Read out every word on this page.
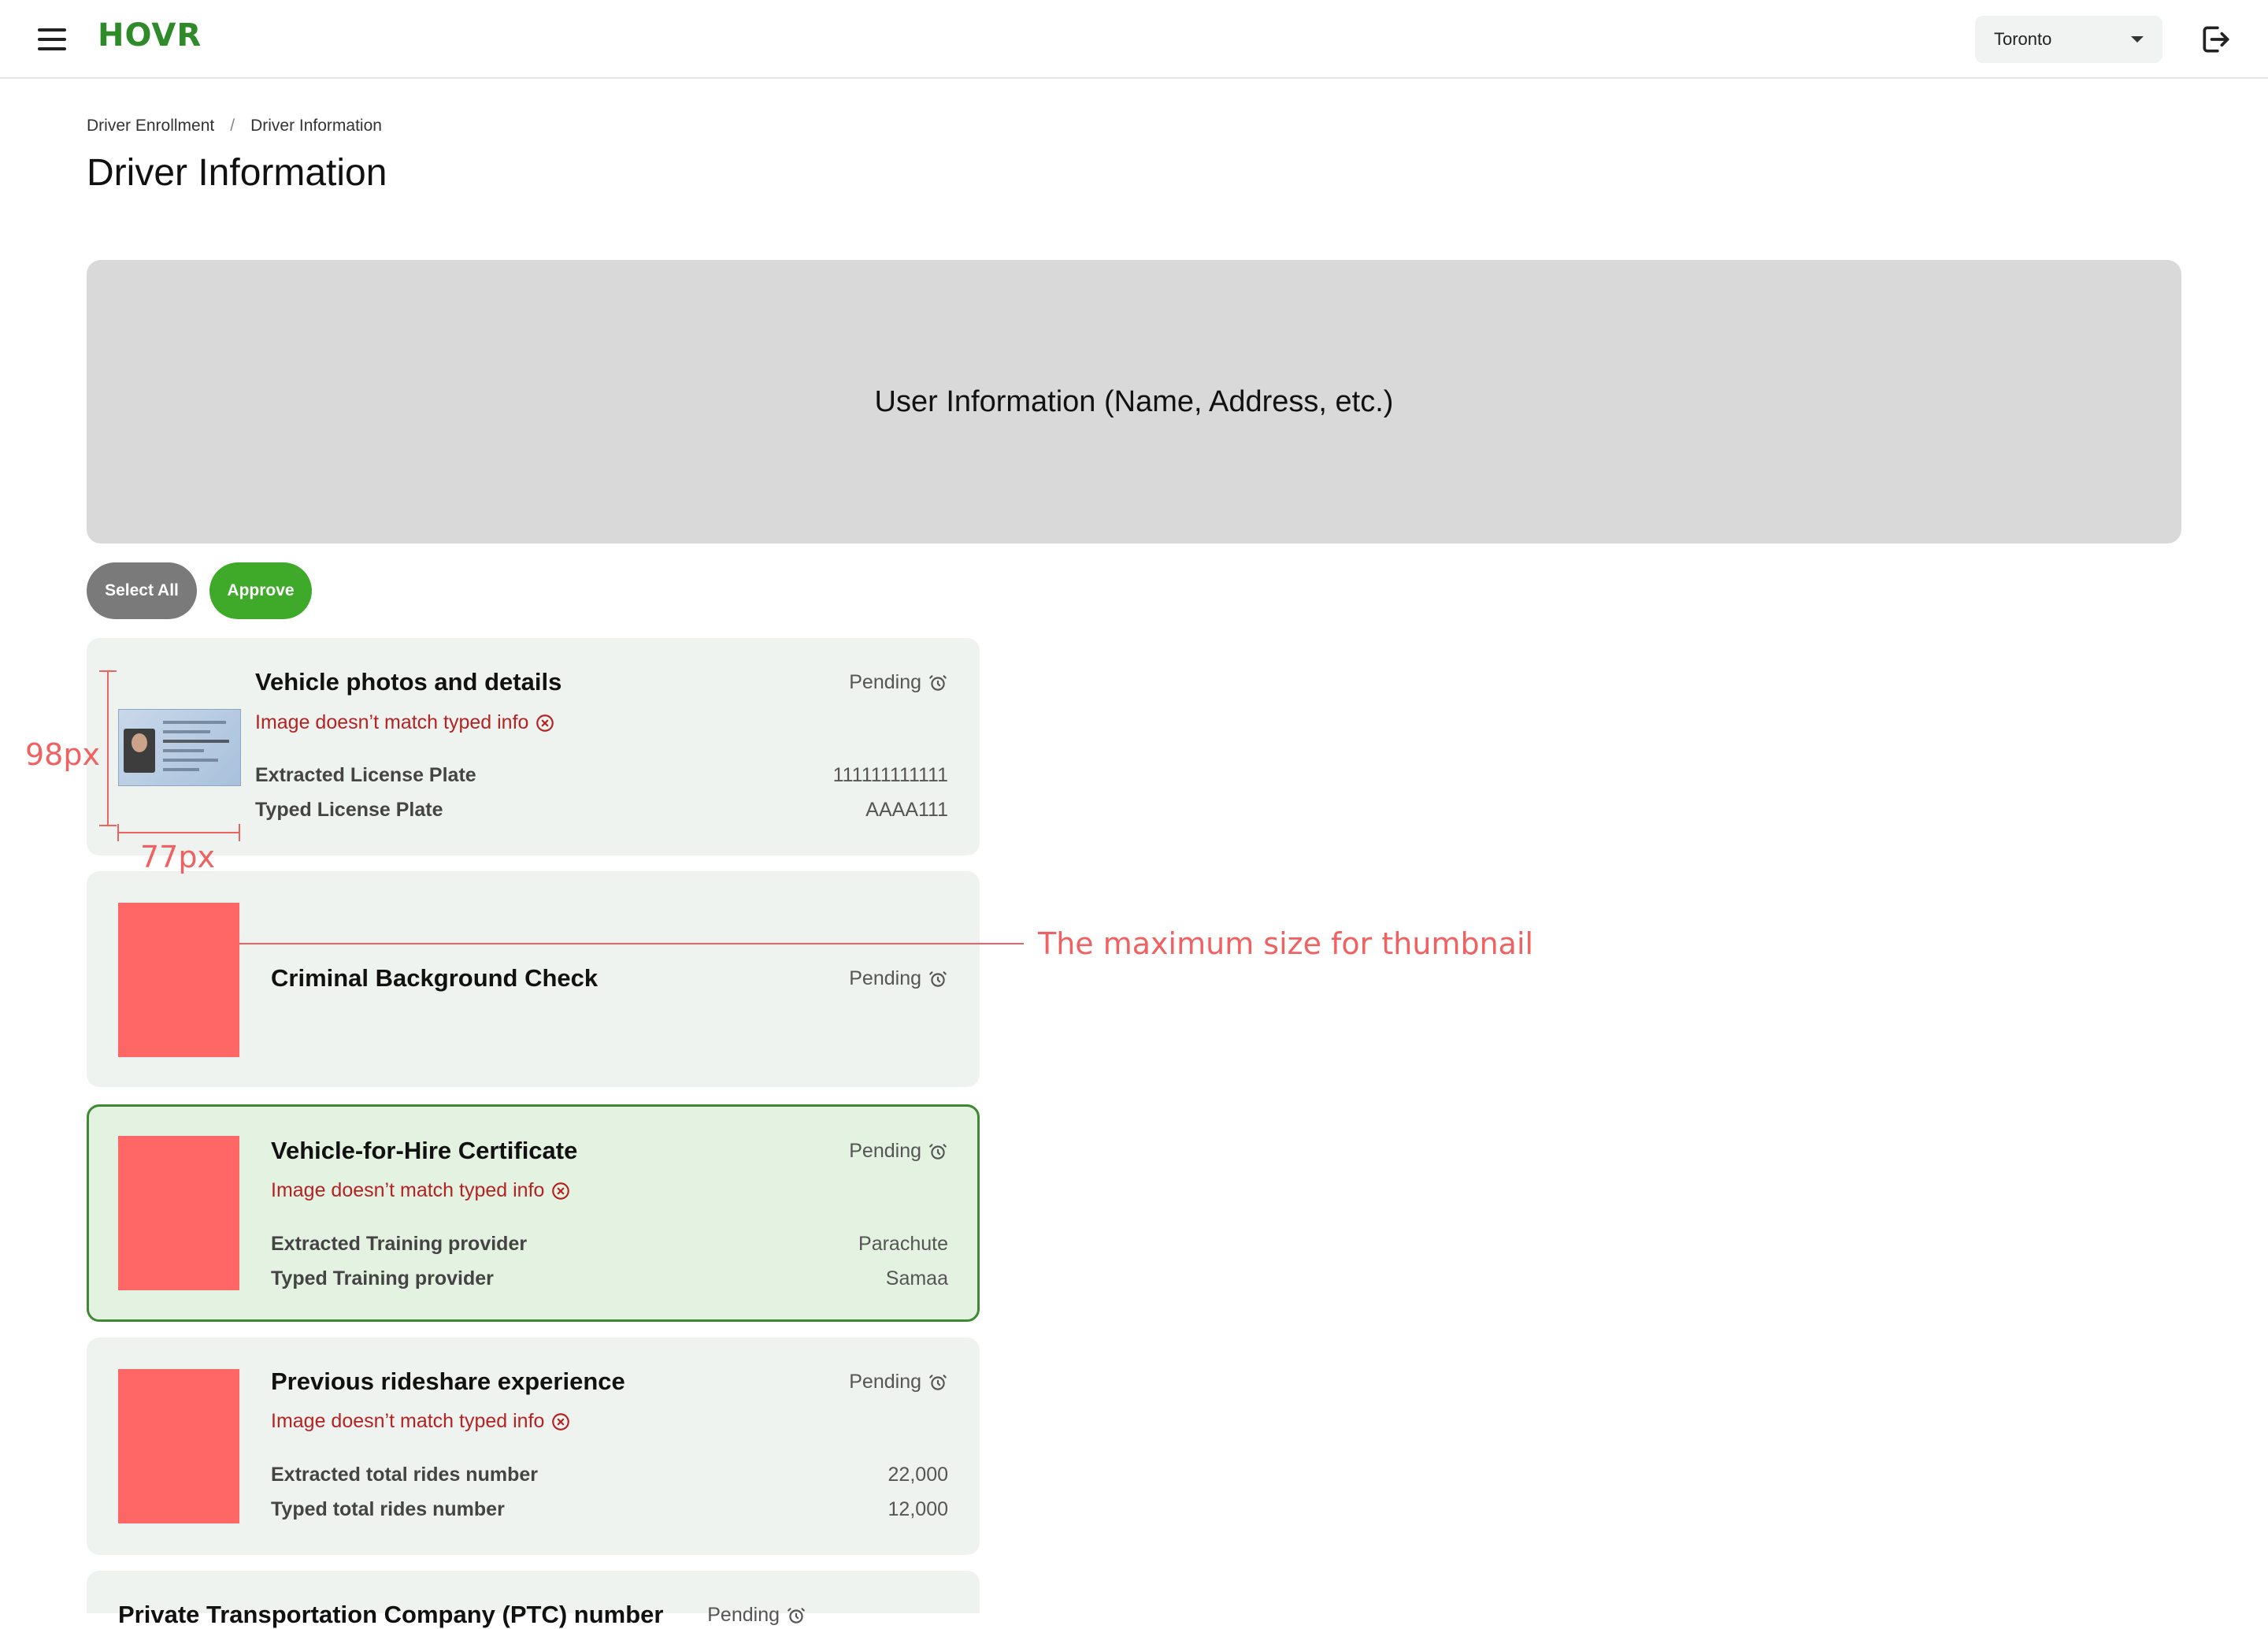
HOVR	Toronto
Driver Enrollment / Driver Information
Driver Information
User Information (Name, Address, etc.)
Select All	Approve
Vehicle photos and details	Pending
Image doesn’t match typed info
Extracted License Plate	111111111111
Typed License Plate	AAAA111
Criminal Background Check	Pending
Vehicle-for-Hire Certificate	Pending
Image doesn’t match typed info
Extracted Training provider	Parachute
Typed Training provider	Samaa
Previous rideshare experience	Pending
Image doesn’t match typed info
Extracted total rides number	22,000
Typed total rides number	12,000
Private Transportation Company (PTC) number Pending
98px
77px
The maximum size for thumbnail
